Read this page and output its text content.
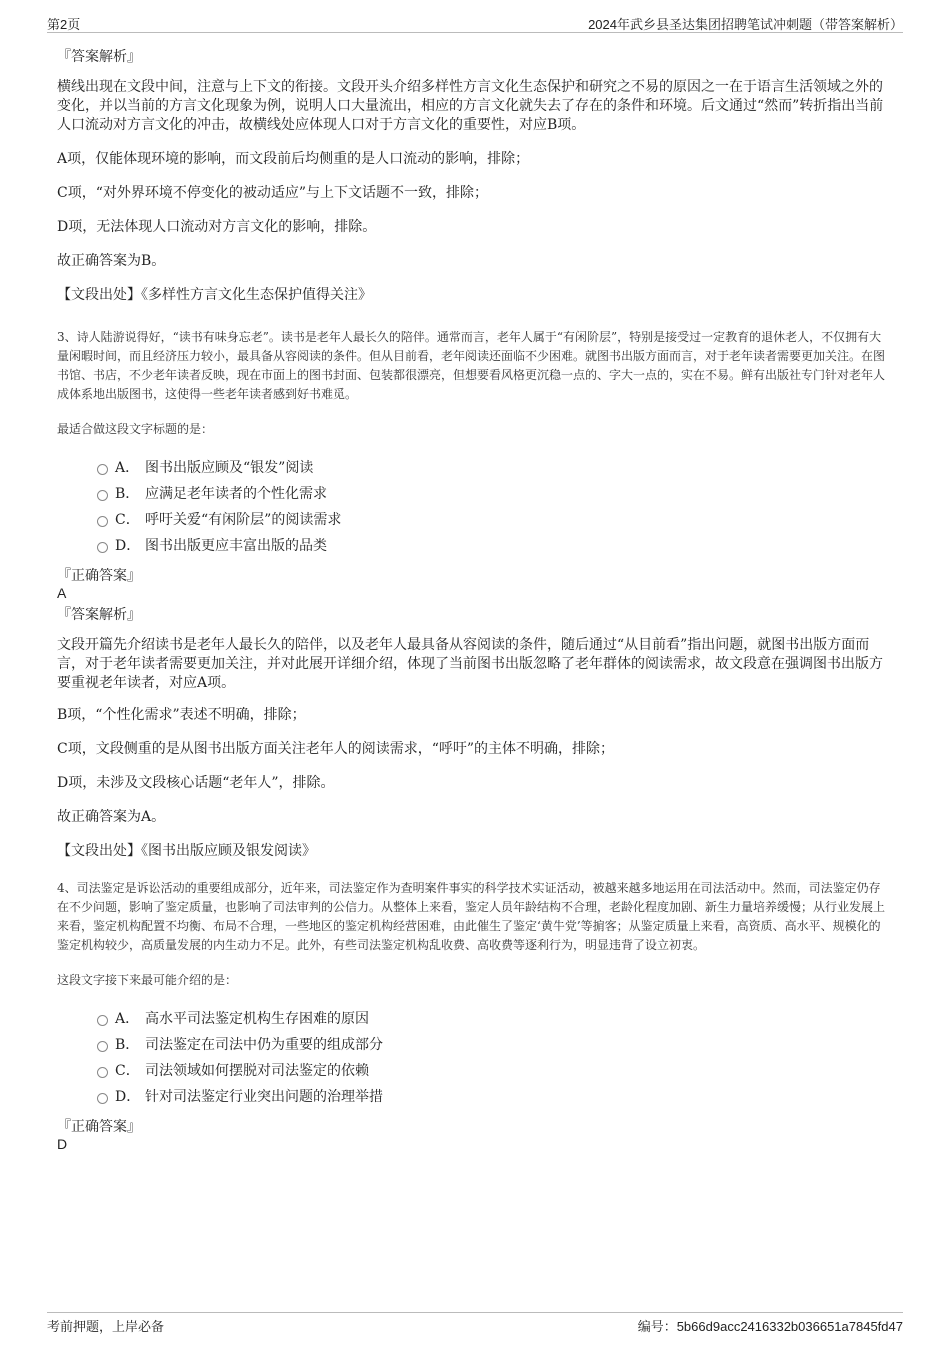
第2页	2024年武乡县圣达集团招聘笔试冲刺题（带答案解析）

『答案解析』

横线出现在文段中间，注意与上下文的衔接。文段开头介绍多样性方言文化生态保护和研究之不易的原因之一在于语言生活领域之外的变化，并以当前的方言文化现象为例，说明人口大量流出，相应的方言文化就失去了存在的条件和环境。后文通过“然而”转折指出当前人口流动对方言文化的冲击，故横线处应体现人口对于方言文化的重要性，对应B项。

A项，仅能体现环境的影响，而文段前后均侧重的是人口流动的影响，排除；

C项，“对外界环境不停变化的被动适应”与上下文话题不一致，排除；

D项，无法体现人口流动对方言文化的影响，排除。

故正确答案为B。

【文段出处】《多样性方言文化生态保护值得关注》

3、诗人陆游说得好，“读书有味身忘老”。读书是老年人最长久的陪伴。通常而言，老年人属于“有闲阶层”，特别是接受过一定教育的退休老人，不仅拥有大量闲暇时间，而且经济压力较小，最具备从容阅读的条件。但从目前看，老年阅读还面临不少困难。就图书出版方面而言，对于老年读者需要更加关注。在图书馆、书店，不少老年读者反映，现在市面上的图书封面、包装都很漂亮，但想要看风格更沉稳一点的、字大一点的，实在不易。鲜有出版社专门针对老年人成体系地出版图书，这使得一些老年读者感到好书难觅。

最适合做这段文字标题的是：

A． 图书出版应顾及“银发”阅读
B． 应满足老年读者的个性化需求
C． 呼吁关爱“有闲阶层”的阅读需求
D． 图书出版更应丰富出版的品类

『正确答案』

A

『答案解析』

文段开篇先介绍读书是老年人最长久的陪伴，以及老年人最具备从容阅读的条件，随后通过“从目前看”指出问题，就图书出版方面而言，对于老年读者需要更加关注，并对此展开详细介绍，体现了当前图书出版忽略了老年群体的阅读需求，故文段意在强调图书出版方要重视老年读者，对应A项。

B项，“个性化需求”表述不明确，排除；

C项，文段侧重的是从图书出版方面关注老年人的阅读需求，“呼吁”的主体不明确，排除；

D项，未涉及文段核心话题“老年人”，排除。

故正确答案为A。

【文段出处】《图书出版应顾及银发阅读》

4、司法鉴定是诉讼活动的重要组成部分，近年来，司法鉴定作为查明案件事实的科学技术实证活动，被越来越多地运用在司法活动中。然而，司法鉴定仍存在不少问题，影响了鉴定质量，也影响了司法审判的公信力。从整体上来看，鉴定人员年龄结构不合理，老龄化程度加剧、新生力量培养缓慢；从行业发展上来看，鉴定机构配置不均衡、布局不合理，一些地区的鉴定机构经营困难，由此催生了鉴定‘黄牛党’等掮客；从鉴定质量上来看，高资质、高水平、规模化的鉴定机构较少，高质量发展的内生动力不足。此外，有些司法鉴定机构乱收费、高收费等逐利行为，明显违背了设立初衷。

这段文字接下来最可能介绍的是：

A． 高水平司法鉴定机构生存困难的原因
B． 司法鉴定在司法中仍为重要的组成部分
C． 司法领域如何摆脱对司法鉴定的依赖
D． 针对司法鉴定行业突出问题的治理举措

『正确答案』

D

考前押题，上岸必备	编号：5b66d9acc2416332b036651a7845fd47
